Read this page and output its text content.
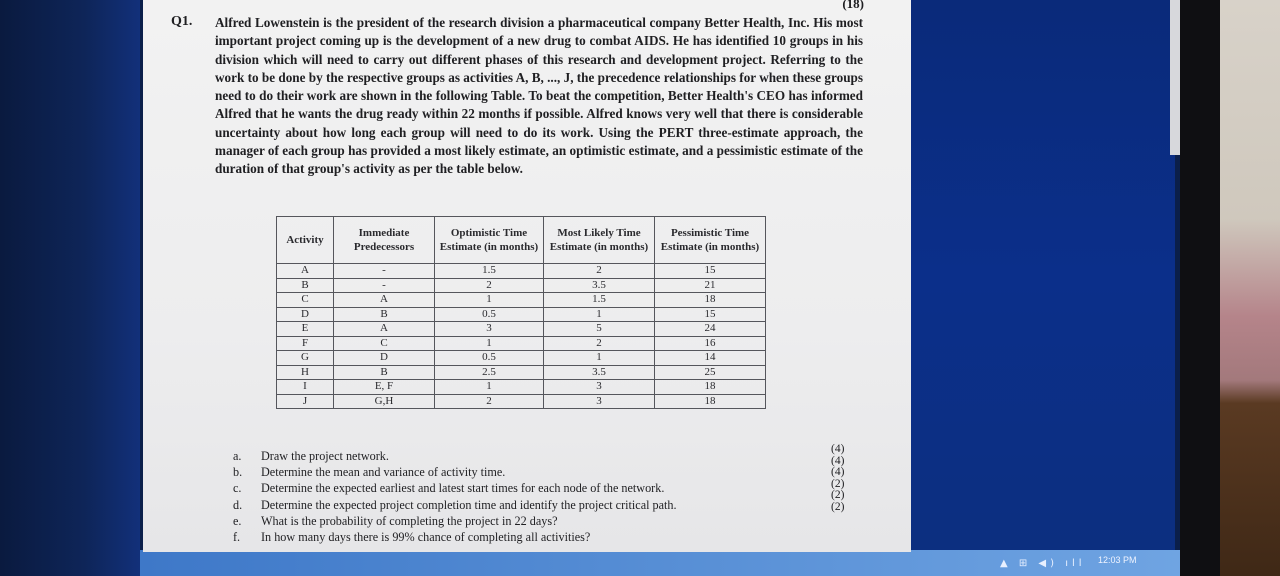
▲ ⊞ ◀) ıll 12:03 PM
(18)
Q1. Alfred Lowenstein is the president of the research division a pharmaceutical company Better Health, Inc. His most important project coming up is the development of a new drug to combat AIDS. He has identified 10 groups in his division which will need to carry out different phases of this research and development project. Referring to the work to be done by the respective groups as activities A, B, ..., J, the precedence relationships for when these groups need to do their work are shown in the following Table. To beat the competition, Better Health's CEO has informed Alfred that he wants the drug ready within 22 months if possible. Alfred knows very well that there is considerable uncertainty about how long each group will need to do its work. Using the PERT three-estimate approach, the manager of each group has provided a most likely estimate, an optimistic estimate, and a pessimistic estimate of the duration of that group's activity as per the table below.
Activity	Immediate Predecessors	Optimistic Time Estimate (in months)	Most Likely Time Estimate (in months)	Pessimistic Time Estimate (in months)
A	-	1.5	2	15
B	-	2	3.5	21
C	A	1	1.5	18
D	B	0.5	1	15
E	A	3	5	24
F	C	1	2	16
G	D	0.5	1	14
H	B	2.5	3.5	25
I	E, F	1	3	18
J	G,H	2	3	18
a.	Draw the project network.
b.	Determine the mean and variance of activity time.
c.	Determine the expected earliest and latest start times for each node of the network.
d.	Determine the expected project completion time and identify the project critical path.
e.	What is the probability of completing the project in 22 days?
f.	In how many days there is 99% chance of completing all activities?
(4)
(4)
(4)
(2)
(2)
(2)
